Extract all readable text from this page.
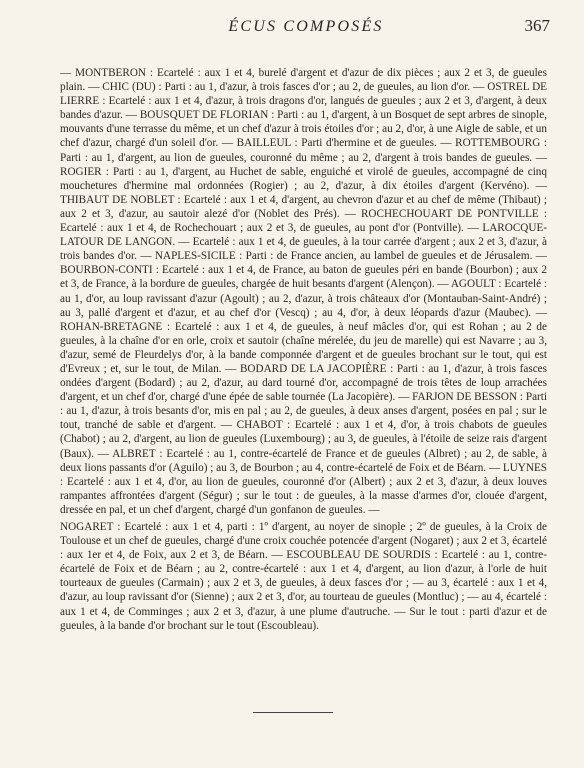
ÉCUS COMPOSÉS	367

— MONTBERON : Ecartelé : aux 1 et 4, burelé d'argent et d'azur de dix pièces ; aux 2 et 3, de gueules plain. — CHIC (DU) : Parti : au 1, d'azur, à trois fasces d'or ; au 2, de gueules, au lion d'or. — OSTREL DE LIERRE : Ecartelé : aux 1 et 4, d'azur, à trois dragons d'or, langués de gueules ; aux 2 et 3, d'argent, à deux bandes d'azur. — BOUSQUET DE FLORIAN : Parti : au 1, d'argent, à un Bosquet de sept arbres de sinople, mouvants d'une terrasse du même, et un chef d'azur à trois étoiles d'or ; au 2, d'or, à une Aigle de sable, et un chef d'azur, chargé d'un soleil d'or. — BAILLEUL : Parti d'hermine et de gueules. — ROTTEMBOURG : Parti : au 1, d'argent, au lion de gueules, couronné du même ; au 2, d'argent à trois bandes de gueules. — ROGIER : Parti : au 1, d'argent, au Huchet de sable, enguiché et virolé de gueules, accompagné de cinq mouchetures d'hermine mal ordonnées (Rogier) ; au 2, d'azur, à dix étoiles d'argent (Kervéno). — THIBAUT DE NOBLET : Ecartelé : aux 1 et 4, d'argent, au chevron d'azur et au chef de même (Thibaut) ; aux 2 et 3, d'azur, au sautoir alezé d'or (Noblet des Prés). — ROCHECHOUART DE PONTVILLE : Ecartelé : aux 1 et 4, de Rochechouart ; aux 2 et 3, de gueules, au pont d'or (Pontville). — LAROCQUE-LATOUR DE LANGON. — Ecartelé : aux 1 et 4, de gueules, à la tour carrée d'argent ; aux 2 et 3, d'azur, à trois bandes d'or. — NAPLES-SICILE : Parti : de France ancien, au lambel de gueules et de Jérusalem. — BOURBON-CONTI : Ecartelé : aux 1 et 4, de France, au baton de gueules péri en bande (Bourbon) ; aux 2 et 3, de France, à la bordure de gueules, chargée de huit besants d'argent (Alençon). — AGOULT : Ecartelé : au 1, d'or, au loup ravissant d'azur (Agoult) ; au 2, d'azur, à trois châteaux d'or (Montauban-Saint-André) ; au 3, pallé d'argent et d'azur, et au chef d'or (Vescq) ; au 4, d'or, à deux léopards d'azur (Maubec). — ROHAN-BRETAGNE : Ecartelé : aux 1 et 4, de gueules, à neuf mâcles d'or, qui est Rohan ; au 2 de gueules, à la chaîne d'or en orle, croix et sautoir (chaîne mérelée, du jeu de marelle) qui est Navarre ; au 3, d'azur, semé de Fleurdelys d'or, à la bande componnée d'argent et de gueules brochant sur le tout, qui est d'Evreux ; et, sur le tout, de Milan. — BODARD DE LA JACOPIÈRE : Parti : au 1, d'azur, à trois fasces ondées d'argent (Bodard) ; au 2, d'azur, au dard tourné d'or, accompagné de trois têtes de loup arrachées d'argent, et un chef d'or, chargé d'une épée de sable tournée (La Jacopière). — FARJON DE BESSON : Parti : au 1, d'azur, à trois besants d'or, mis en pal ; au 2, de gueules, à deux anses d'argent, posées en pal ; sur le tout, tranché de sable et d'argent. — CHABOT : Ecartelé : aux 1 et 4, d'or, à trois chabots de gueules (Chabot) ; au 2, d'argent, au lion de gueules (Luxembourg) ; au 3, de gueules, à l'étoile de seize rais d'argent (Baux). — ALBRET : Ecartelé : au 1, contre-écartelé de France et de gueules (Albret) ; au 2, de sable, à deux lions passants d'or (Aguilo) ; au 3, de Bourbon ; au 4, contre-écartelé de Foix et de Béarn. — LUYNES : Ecartelé : aux 1 et 4, d'or, au lion de gueules, couronné d'or (Albert) ; aux 2 et 3, d'azur, à deux louves rampantes affrontées d'argent (Ségur) ; sur le tout : de gueules, à la masse d'armes d'or, clouée d'argent, dressée en pal, et un chef d'argent, chargé d'un gonfanon de gueules. —

NOGARET : Ecartelé : aux 1 et 4, parti : 1º d'argent, au noyer de sinople ; 2º de gueules, à la Croix de Toulouse et un chef de gueules, chargé d'une croix couchée potencée d'argent (Nogaret) ; aux 2 et 3, écartelé : aux 1er et 4, de Foix, aux 2 et 3, de Béarn. — ESCOUBLEAU DE SOURDIS : Ecartelé : au 1, contre-écartelé de Foix et de Béarn ; au 2, contre-écartelé : aux 1 et 4, d'argent, au lion d'azur, à l'orle de huit tourteaux de gueules (Carmain) ; aux 2 et 3, de gueules, à deux fasces d'or ; — au 3, écartelé : aux 1 et 4, d'azur, au loup ravissant d'or (Sienne) ; aux 2 et 3, d'or, au tourteau de gueules (Montluc) ; — au 4, écartelé : aux 1 et 4, de Comminges ; aux 2 et 3, d'azur, à une plume d'autruche. — Sur le tout : parti d'azur et de gueules, à la bande d'or brochant sur le tout (Escoubleau).
